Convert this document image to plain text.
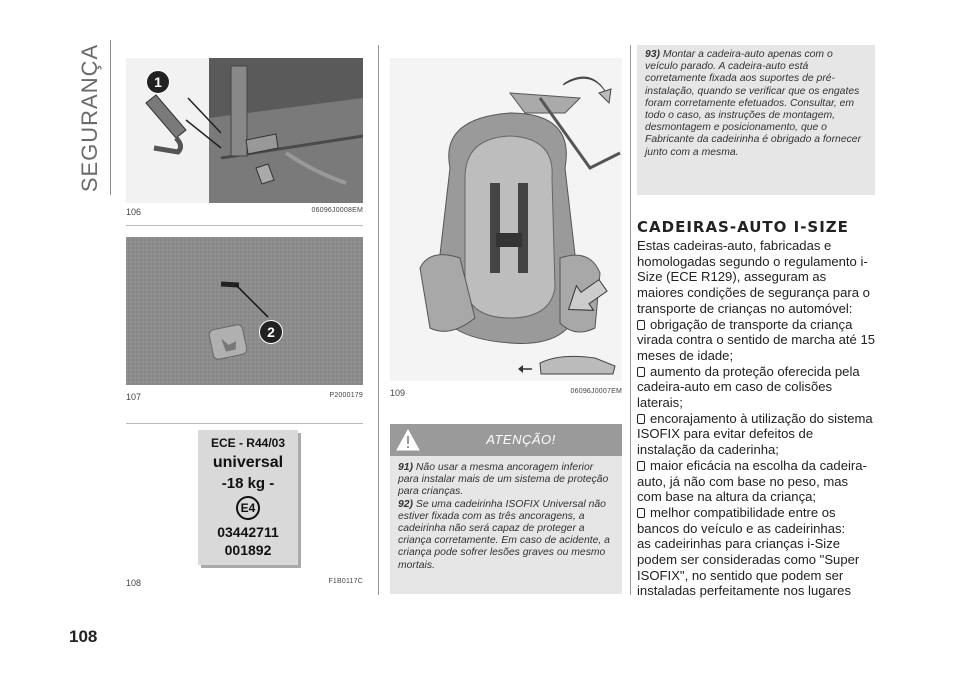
SEGURANÇA
108
1
106	06096J0008EM
2
107	P2000179
ECE - R44/03
universal
-18 kg -
E4
03442711
001892
108	F1B0117C
109	06096J0007EM
ATENÇÃO!

91) Não usar a mesma ancoragem inferior para instalar mais de um sistema de proteção para crianças.

92) Se uma cadeirinha ISOFIX Universal não estiver fixada com as três ancoragens, a cadeirinha não será capaz de proteger a criança corretamente. Em caso de acidente, a criança pode sofrer lesões graves ou mesmo mortais.

93) Montar a cadeira-auto apenas com o veículo parado. A cadeira-auto está corretamente fixada aos suportes de pré-instalação, quando se verificar que os engates foram corretamente efetuados. Consultar, em todo o caso, as instruções de montagem, desmontagem e posicionamento, que o Fabricante da cadeirinha é obrigado a fornecer junto com a mesma.

CADEIRAS-AUTO I-SIZE

Estas cadeiras-auto, fabricadas e homologadas segundo o regulamento i-Size (ECE R129), asseguram as maiores condições de segurança para o transporte de crianças no automóvel:

obrigação de transporte da criança virada contra o sentido de marcha até 15 meses de idade;

aumento da proteção oferecida pela cadeira-auto em caso de colisões laterais;

encorajamento à utilização do sistema ISOFIX para evitar defeitos de instalação da caderinha;

maior eficácia na escolha da cadeira-auto, já não com base no peso, mas com base na altura da criança;

melhor compatibilidade entre os bancos do veículo e as cadeirinhas:

as cadeirinhas para crianças i-Size podem ser consideradas como "Super ISOFIX", no sentido que podem ser instaladas perfeitamente nos lugares
